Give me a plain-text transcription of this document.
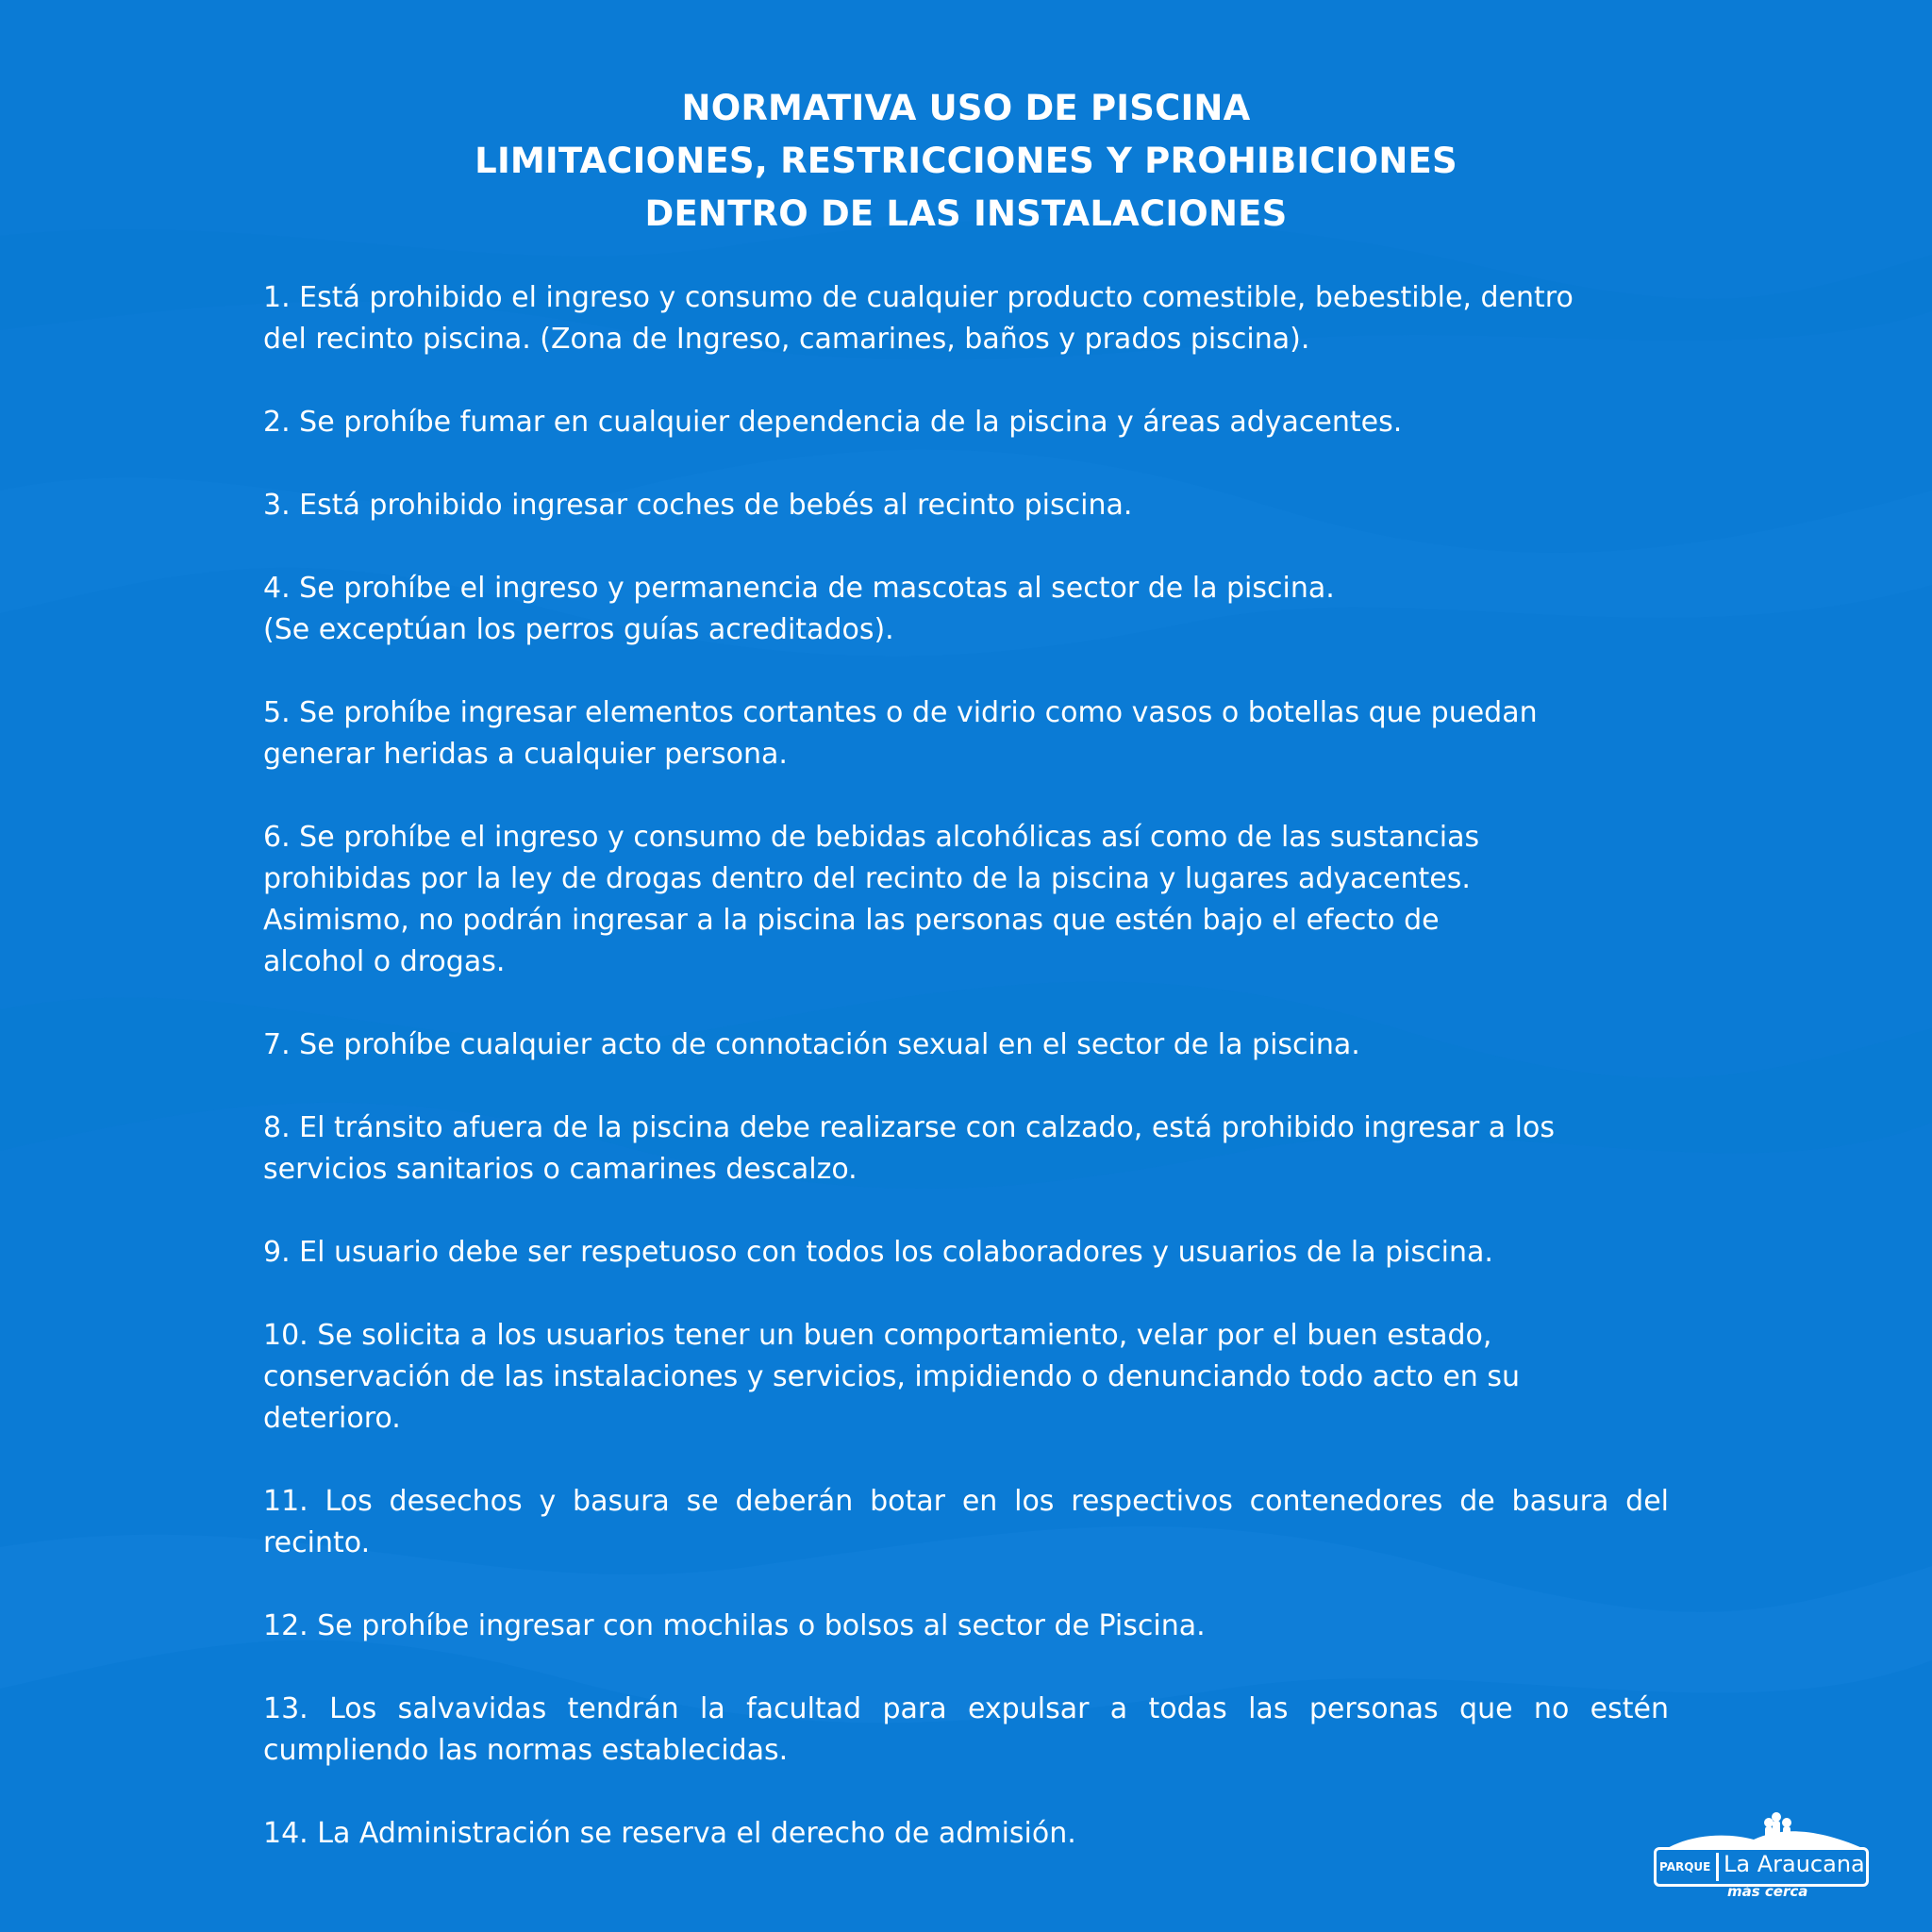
NORMATIVA USO DE PISCINA
LIMITACIONES, RESTRICCIONES Y PROHIBICIONES
DENTRO DE LAS INSTALACIONES
1. Está prohibido el ingreso y consumo de cualquier producto comestible, bebestible, dentro
del recinto piscina. (Zona de Ingreso, camarines, baños y prados piscina).
2. Se prohíbe fumar en cualquier dependencia de la piscina y áreas adyacentes.
3. Está prohibido ingresar coches de bebés al recinto piscina.
4. Se prohíbe el ingreso y permanencia de mascotas al sector de la piscina.
(Se exceptúan los perros guías acreditados).
5. Se prohíbe ingresar elementos cortantes o de vidrio como vasos o botellas que puedan
generar heridas a cualquier persona.
6. Se prohíbe el ingreso y consumo de bebidas alcohólicas así como de las sustancias
prohibidas por la ley de drogas dentro del recinto de la piscina y lugares adyacentes.
Asimismo, no podrán ingresar a la piscina las personas que estén bajo el efecto de
alcohol o drogas.
7. Se prohíbe cualquier acto de connotación sexual en el sector de la piscina.
8. El tránsito afuera de la piscina debe realizarse con calzado, está prohibido ingresar a los
servicios sanitarios o camarines descalzo.
9. El usuario debe ser respetuoso con todos los colaboradores y usuarios de la piscina.
10. Se solicita a los usuarios tener un buen comportamiento, velar por el buen estado,
conservación de las instalaciones y servicios, impidiendo o denunciando todo acto en su
deterioro.
11. Los desechos y basura se deberán botar en los respectivos contenedores de basura del recinto.
12. Se prohíbe ingresar con mochilas o bolsos al sector de Piscina.
13. Los salvavidas tendrán la facultad para expulsar a todas las personas que no estén cumpliendo las normas establecidas.
14. La Administración se reserva el derecho de admisión.
PARQUE La Araucana
más cerca
